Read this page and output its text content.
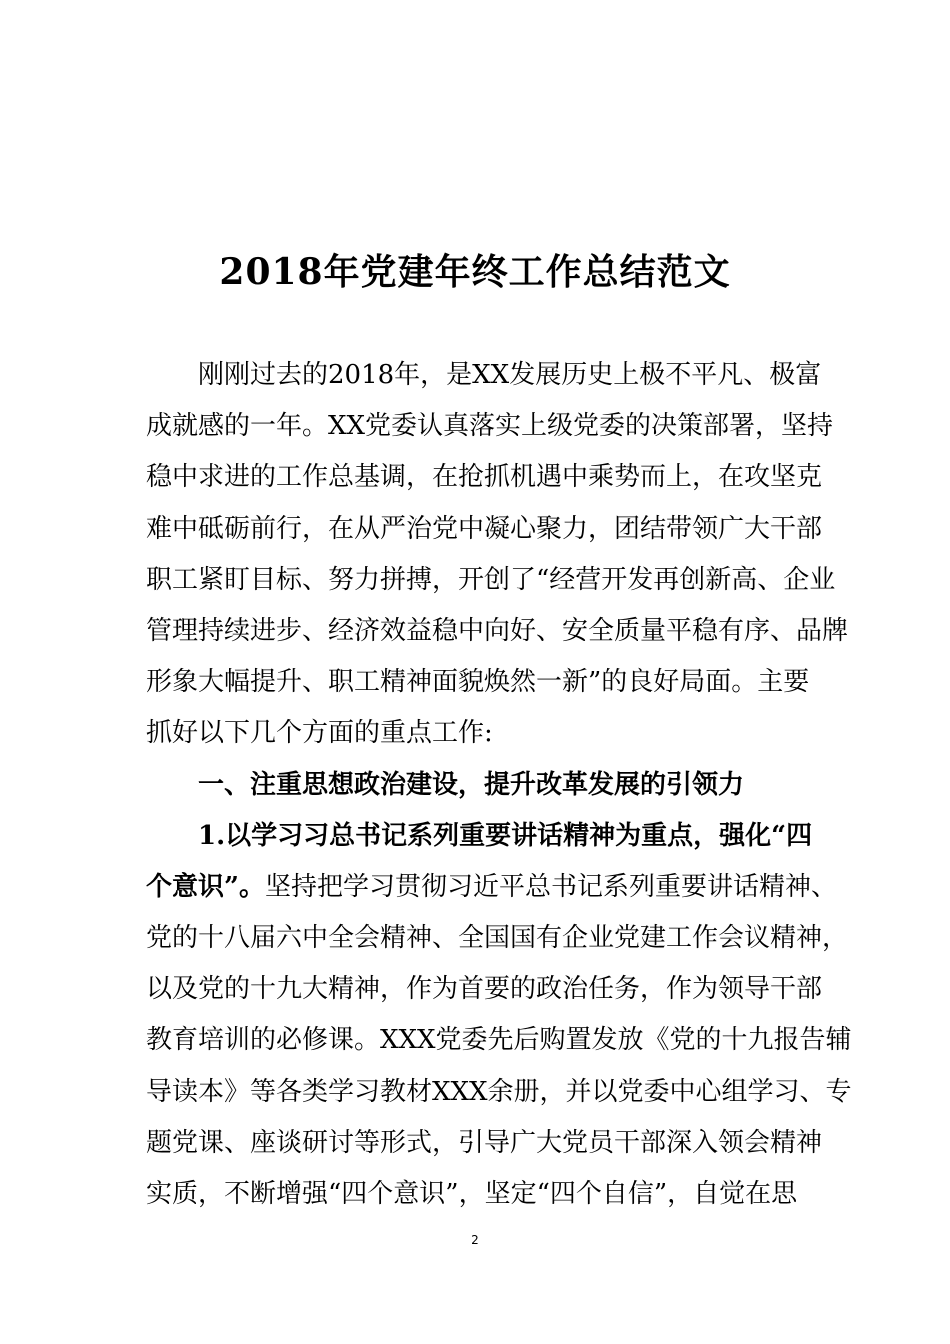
2018年党建年终工作总结范文
刚刚过去的2018年，是XX发展历史上极不平凡、极富
成就感的一年。XX党委认真落实上级党委的决策部署，坚持
稳中求进的工作总基调，在抢抓机遇中乘势而上，在攻坚克
难中砥砺前行，在从严治党中凝心聚力，团结带领广大干部
职工紧盯目标、努力拼搏，开创了“经营开发再创新高、企业
管理持续进步、经济效益稳中向好、安全质量平稳有序、品牌
形象大幅提升、职工精神面貌焕然一新”的良好局面。主要
抓好以下几个方面的重点工作:
一、注重思想政治建设，提升改革发展的引领力
1.以学习习总书记系列重要讲话精神为重点，强化“四
个意识”。坚持把学习贯彻习近平总书记系列重要讲话精神、
党的十八届六中全会精神、全国国有企业党建工作会议精神，
以及党的十九大精神，作为首要的政治任务，作为领导干部
教育培训的必修课。XXX党委先后购置发放《党的十九报告辅
导读本》等各类学习教材XXX余册，并以党委中心组学习、专
题党课、座谈研讨等形式，引导广大党员干部深入领会精神
实质，不断增强“四个意识”，坚定“四个自信”，自觉在思
2
